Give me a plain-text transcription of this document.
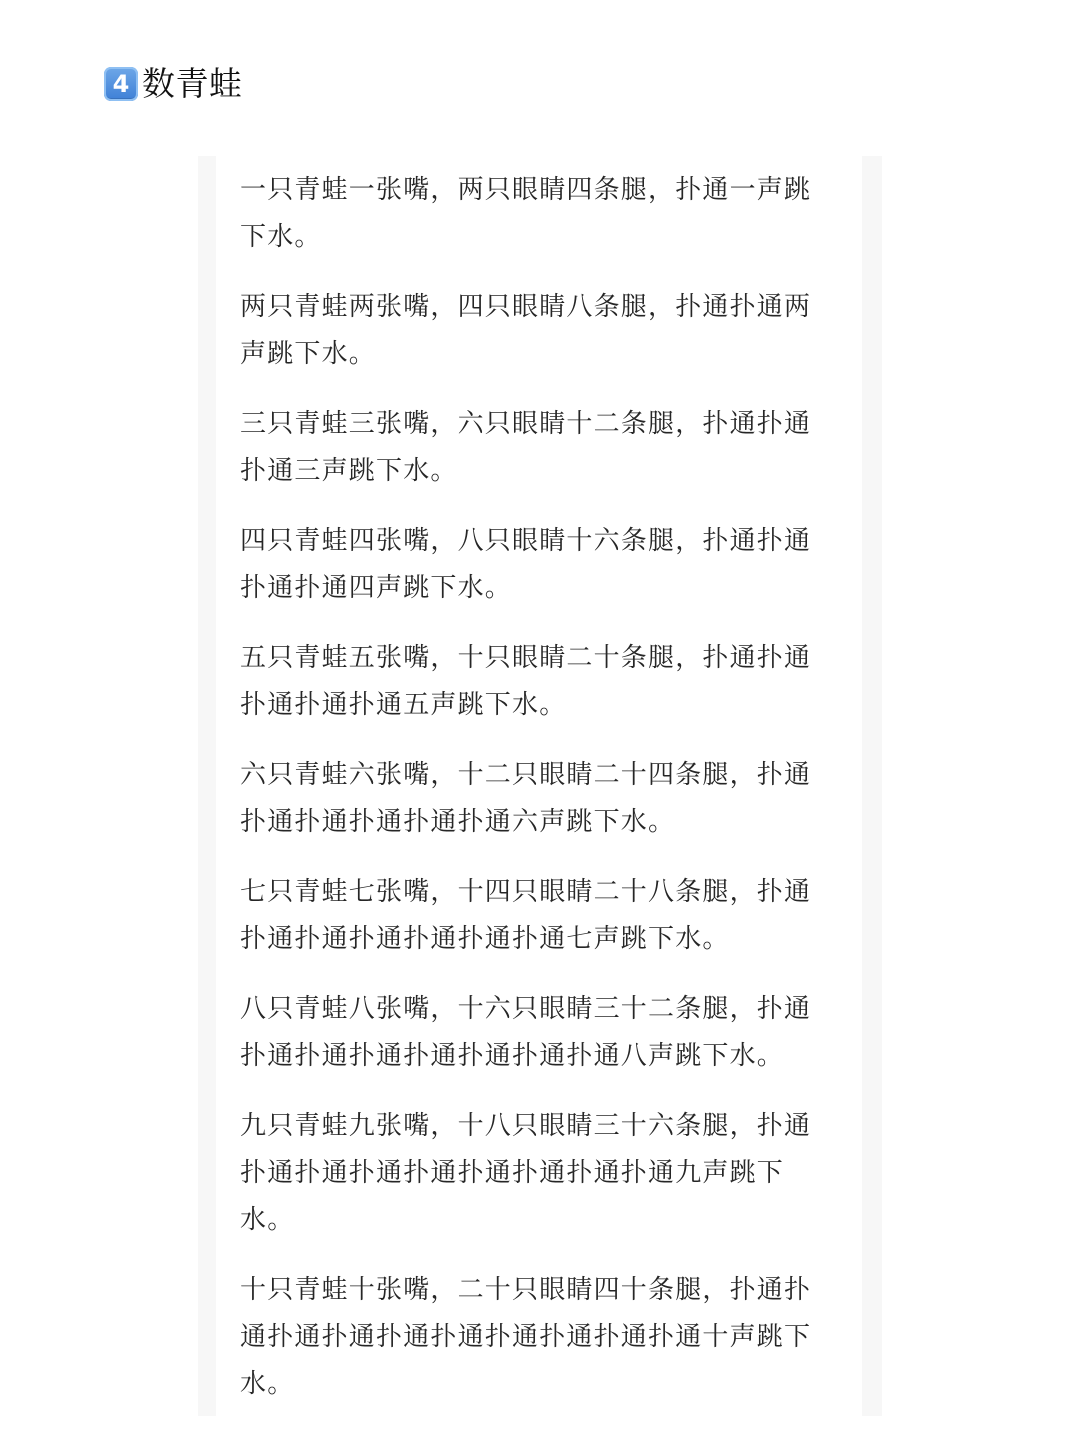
4 数青蛙

一只青蛙一张嘴，两只眼睛四条腿，扑通一声跳下水。

两只青蛙两张嘴，四只眼睛八条腿，扑通扑通两声跳下水。

三只青蛙三张嘴，六只眼睛十二条腿，扑通扑通扑通三声跳下水。

四只青蛙四张嘴，八只眼睛十六条腿，扑通扑通扑通扑通四声跳下水。

五只青蛙五张嘴，十只眼睛二十条腿，扑通扑通扑通扑通扑通五声跳下水。

六只青蛙六张嘴，十二只眼睛二十四条腿，扑通扑通扑通扑通扑通扑通六声跳下水。

七只青蛙七张嘴，十四只眼睛二十八条腿，扑通扑通扑通扑通扑通扑通扑通七声跳下水。

八只青蛙八张嘴，十六只眼睛三十二条腿，扑通扑通扑通扑通扑通扑通扑通扑通八声跳下水。

九只青蛙九张嘴，十八只眼睛三十六条腿，扑通扑通扑通扑通扑通扑通扑通扑通扑通九声跳下水。

十只青蛙十张嘴，二十只眼睛四十条腿，扑通扑通扑通扑通扑通扑通扑通扑通扑通扑通十声跳下水。
